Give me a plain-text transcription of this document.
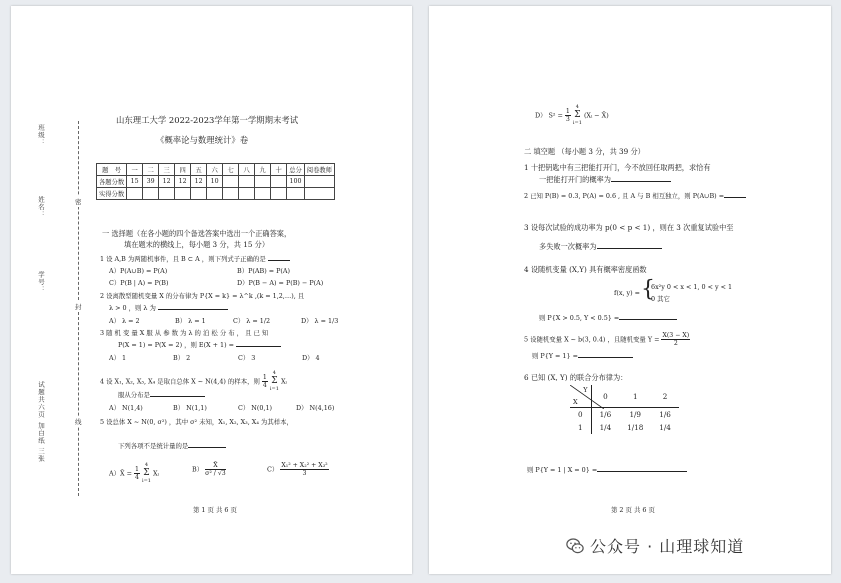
班级：
姓名：
学号：
试题共六页 加白纸 三张
密
封
线
山东理工大学 2022-2023学年第一学期期末考试
《概率论与数理统计》卷
题　号	一	二	三	四	五	六	七	八	九	十	总分	阅卷教师
各题分数	15	39	12	12	12	10					100	
实得分数												
一 选择题（在各小题的四个备选答案中选出一个正确答案，
填在题末的横线上，每小题 3 分，共 15 分）
1 设 A,B 为两随机事件，且 B ⊂ A ，则下列式子正确的是
A）P(A∪B) = P(A)	B）P(AB) = P(A)
C）P(B | A) = P(B)	D）P(B − A) = P(B) − P(A)
2 设离散型随机变量 X 的分布律为 P{X = k} = λ^k ,(k = 1,2,…), 且
λ > 0 ，则 λ 为
A） λ = 2	B） λ = 1	C） λ = 1/2	D） λ = 1/3
3 随 机 变 量 X 服 从 参 数 为 λ 的 泊 松 分 布 ， 且 已 知
P(X = 1) = P(X = 2) ，则 E(X + 1) =
A） 1	B） 2	C） 3	D） 4
4 设 X₁, X₂, X₃, X₄ 是取自总体 X ~ N(4,4) 的样本，则 $\frac{1}{4}$

4
Σ
i=1
Xᵢ
服从分布是
A） N(1,4)	B） N(1,1)	C） N(0,1)	D） N(4,16)
5 设总体 X ~ N(0, σ²) ，其中 σ² 未知，X₁, X₂, X₃, X₄ 为其样本，
下列各项不是统计量的是
A）X̄ = $\frac{1}{4}$

4
Σ
i=1
Xᵢ	$B) \frac{X̄}{\text{σ² / √3}}$	$C) \frac{\text{X₁² + X₂² + X₃²}}{3}$
第 1 页 共 6 页
D） $S^2 = \frac{1}{3}$

4
Σ
i=1
(Xᵢ − X̄)
二 填空题 （每小题 3 分，共 39 分）
1 十把钥匙中有三把能打开门，今不放回任取两把，求恰有
一把能打开门的概率为
2 已知 P(B) = 0.3, P(A) = 0.6 , 且 A 与 B 相互独立，则 P(A∪B) =
3 设每次试验的成功率为 p(0 < p < 1) ，则在 3 次重复试验中至
多失败一次概率为
4 设随机变量 (X,Y) 具有概率密度函数
f(x, y) = {
6x²y 0 < x < 1, 0 < y < 1
0 其它
则 P{X > 0.5, Y < 0.5} =
5 设随机变量 X ~ b(3, 0.4) ，且随机变量 $Y = \frac{X(3 - X)}{2}$
则 P{Y = 1} =
6 已知 (X, Y) 的联合分布律为：
Y
X	0	1	2
0	1/6	1/9	1/6
1	1/4	1/18	1/4
则 P{Y = 1 | X = 0} =
第 2 页 共 6 页
公众号 · 山理球知道
